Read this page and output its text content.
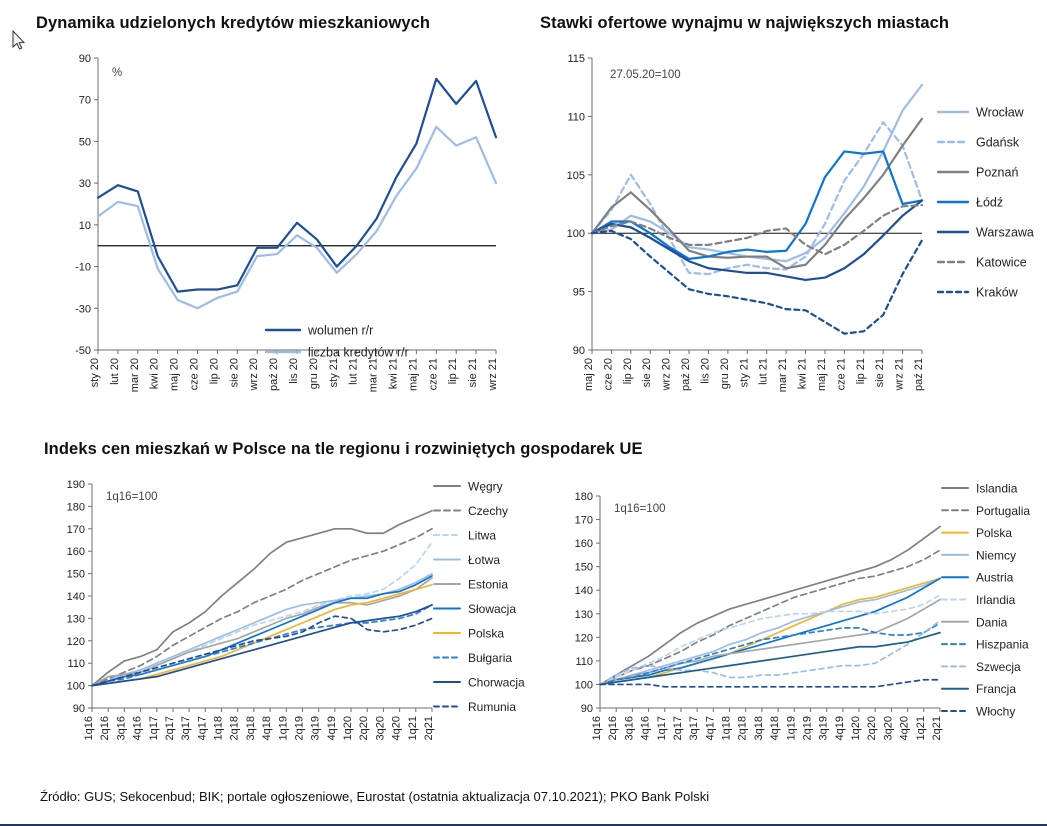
Dynamika udzielonych kredytów mieszkaniowych
90
70
50
30
10
-10
-30
-50
sty 20 lut 20 mar 20 kwi 20 maj 20 cze 20 lip 20 sie 20 wrz 20 paź 20 lis 20 gru 20 sty 21 lut 21 mar 21 kwi 21 maj 21 cze 21 lip 21 sie 21 wrz 21
%
wolumen r/r
liczba kredytów r/r
Stawki ofertowe wynajmu w największych miastach
115
110
105
100
95
90
maj 20 cze 20 lip 20 sie 20 wrz 20 paź 20 lis 20 gru 20 sty 21 lut 21 mar 21 kwi 21 maj 21 cze 21 lip 21 sie 21 wrz 21 paź 21
27.05.20=100
Wrocław
Gdańsk
Poznań
Łódź
Warszawa
Katowice
Kraków
Indeks cen mieszkań w Polsce na tle regionu i rozwiniętych gospodarek UE
190
180
170
160
150
140
130
120
110
100
90
1q16 2q16 3q16 4q16 1q17 2q17 3q17 4q17 1q18 2q18 3q18 4q18 1q19 2q19 3q19 4q19 1q20 2q20 3q20 4q20 1q21 2q21
1q16=100
Węgry
Czechy
Litwa
Łotwa
Estonia
Słowacja
Polska
Bułgaria
Chorwacja
Rumunia
180
170
160
150
140
130
120
110
100
90
1q16 2q16 3q16 4q16 1q17 2q17 3q17 4q17 1q18 2q18 3q18 4q18 1q19 2q19 3q19 4q19 1q20 2q20 3q20 4q20 1q21 2q21
1q16=100
Islandia
Portugalia
Polska
Niemcy
Austria
Irlandia
Dania
Hiszpania
Szwecja
Francja
Włochy
Źródło: GUS; Sekocenbud; BIK; portale ogłoszeniowe, Eurostat (ostatnia aktualizacja 07.10.2021); PKO Bank Polski
